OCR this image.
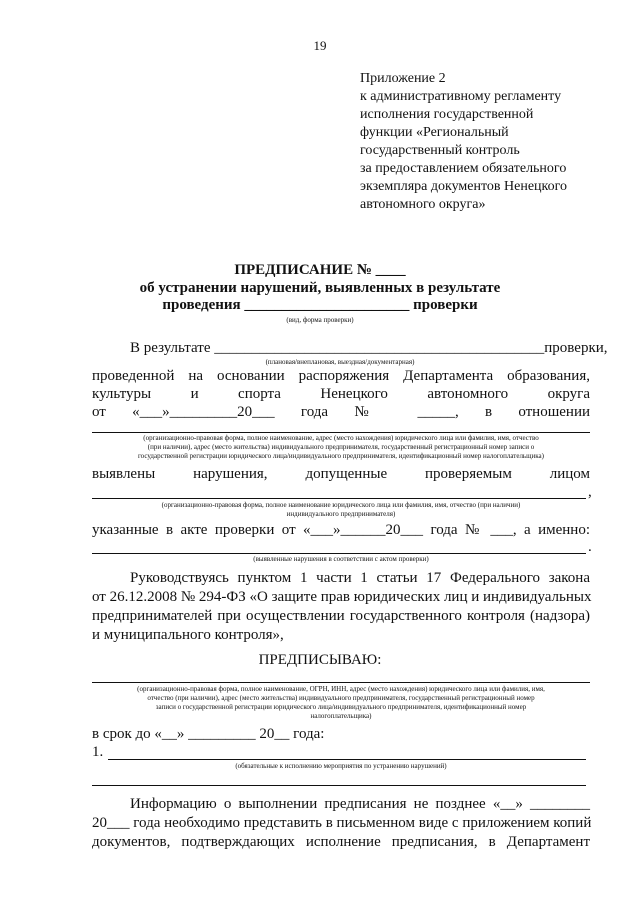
19
Приложение 2
к административному регламенту
исполнения государственной
функции «Региональный
государственный контроль
за предоставлением обязательного
экземпляра документов Ненецкого
автономного округа»
ПРЕДПИСАНИЕ № ____
об устранении нарушений, выявленных в результате
проведения ______________________ проверки
(вид, форма проверки)
В результате ____________________________________________проверки,
(плановая/внеплановая, выездная/документарная)
проведенной на основании распоряжения Департамента образования,
культуры и спорта Ненецкого автономного округа
от «___»_________20___ года № _____, в отношении
(организационно-правовая форма, полное наименование, адрес (место нахождения) юридического лица или фамилия, имя, отчество
(при наличии), адрес (место жительства) индивидуального предпринимателя, государственный регистрационный номер записи о
государственной регистрации юридического лица/индивидуального предпринимателя, идентификационный номер налогоплательщика)
выявлены нарушения, допущенные проверяемым лицом
,
(организационно-правовая форма, полное наименование юридического лица или фамилия, имя, отчество (при наличии)
индивидуального предпринимателя)
указанные в акте проверки от «___»______20___ года № ___, а именно:
.
(выявленные нарушения в соответствии с актом проверки)
Руководствуясь пунктом 1 части 1 статьи 17 Федерального закона
от 26.12.2008 № 294-ФЗ «О защите прав юридических лиц и индивидуальных
предпринимателей при осуществлении государственного контроля (надзора)
и муниципального контроля»,
ПРЕДПИСЫВАЮ:
(организационно-правовая форма, полное наименование, ОГРН, ИНН, адрес (место нахождения) юридического лица или фамилия, имя,
отчество (при наличии), адрес (место жительства) индивидуального предпринимателя, государственный регистрационный номер
записи о государственной регистрации юридического лица/индивидуального предпринимателя, идентификационный номер
налогоплательщика)
в срок до «__» _________ 20__ года:
1.
(обязательные к исполнению мероприятия по устранению нарушений)
Информацию о выполнении предписания не позднее «__» ________
20___ года необходимо представить в письменном виде с приложением копий
документов, подтверждающих исполнение предписания, в Департамент
